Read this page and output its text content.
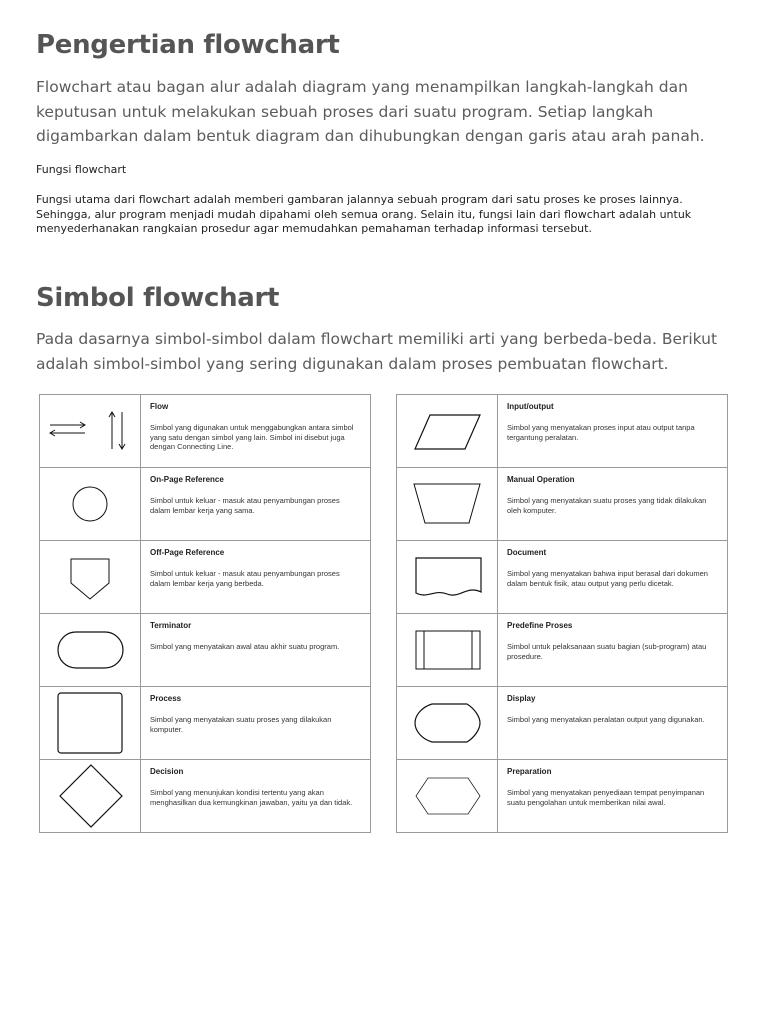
Pengertian flowchart

Flowchart atau bagan alur adalah diagram yang menampilkan langkah-langkah dan keputusan untuk melakukan sebuah proses dari suatu program. Setiap langkah digambarkan dalam bentuk diagram dan dihubungkan dengan garis atau arah panah.

Fungsi flowchart

Fungsi utama dari flowchart adalah memberi gambaran jalannya sebuah program dari satu proses ke proses lainnya. Sehingga, alur program menjadi mudah dipahami oleh semua orang. Selain itu, fungsi lain dari flowchart adalah untuk menyederhanakan rangkaian prosedur agar memudahkan pemahaman terhadap informasi tersebut.

Simbol flowchart

Pada dasarnya simbol-simbol dalam flowchart memiliki arti yang berbeda-beda. Berikut adalah simbol-simbol yang sering digunakan dalam proses pembuatan flowchart.

Flow
Simbol yang digunakan untuk menggabungkan antara simbol yang satu dengan simbol yang lain. Simbol ini disebut juga dengan Connecting Line.

On-Page Reference
Simbol untuk keluar - masuk atau penyambungan proses dalam lembar kerja yang sama.

Off-Page Reference
Simbol untuk keluar - masuk atau penyambungan proses dalam lembar kerja yang berbeda.

Terminator
Simbol yang menyatakan awal atau akhir suatu program.

Process
Simbol yang menyatakan suatu proses yang dilakukan komputer.

Decision
Simbol yang menunjukan kondisi tertentu yang akan menghasilkan dua kemungkinan jawaban, yaitu ya dan tidak.

Input/output
Simbol yang menyatakan proses input atau output tanpa tergantung peralatan.

Manual Operation
Simbol yang menyatakan suatu proses yang tidak dilakukan oleh komputer.

Document
Simbol yang menyatakan bahwa input berasal dari dokumen dalam bentuk fisik, atau output yang perlu dicetak.

Predefine Proses
Simbol untuk pelaksanaan suatu bagian (sub-program) atau prosedure.

Display
Simbol yang menyatakan peralatan output yang digunakan.

Preparation
Simbol yang menyatakan penyediaan tempat penyimpanan suatu pengolahan untuk memberikan nilai awal.
